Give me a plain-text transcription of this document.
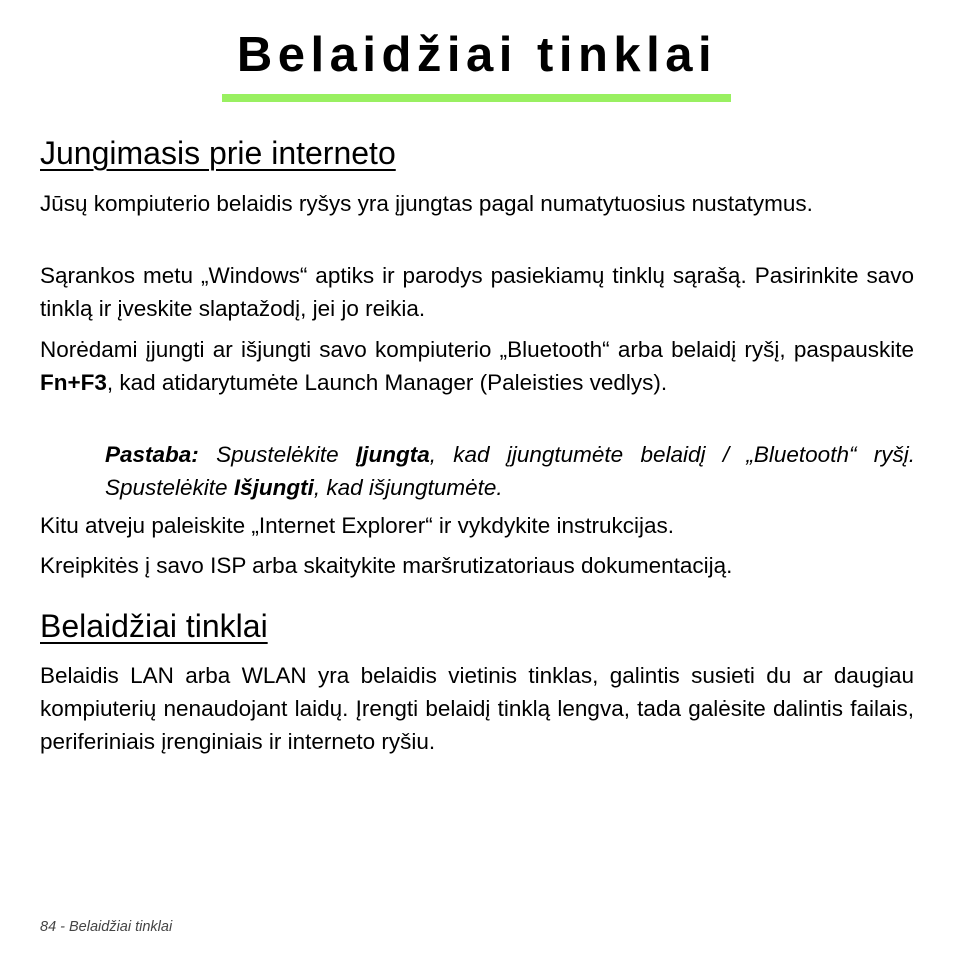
Belaidžiai tinklai
Jungimasis prie interneto

Jūsų kompiuterio belaidis ryšys yra įjungtas pagal numatytuosius nustatymus.

Sąrankos metu „Windows“ aptiks ir parodys pasiekiamų tinklų sąrašą. Pasirinkite savo tinklą ir įveskite slaptažodį, jei jo reikia.

Norėdami įjungti ar išjungti savo kompiuterio „Bluetooth“ arba belaidį ryšį, paspauskite Fn+F3, kad atidarytumėte Launch Manager (Paleisties vedlys).

Pastaba: Spustelėkite Įjungta, kad įjungtumėte belaidį / „Bluetooth“ ryšį. Spustelėkite Išjungti, kad išjungtumėte.

Kitu atveju paleiskite „Internet Explorer“ ir vykdykite instrukcijas.

Kreipkitės į savo ISP arba skaitykite maršrutizatoriaus dokumentaciją.

Belaidžiai tinklai

Belaidis LAN arba WLAN yra belaidis vietinis tinklas, galintis susieti du ar daugiau kompiuterių nenaudojant laidų. Įrengti belaidį tinklą lengva, tada galėsite dalintis failais, periferiniais įrenginiais ir interneto ryšiu.

84 - Belaidžiai tinklai
